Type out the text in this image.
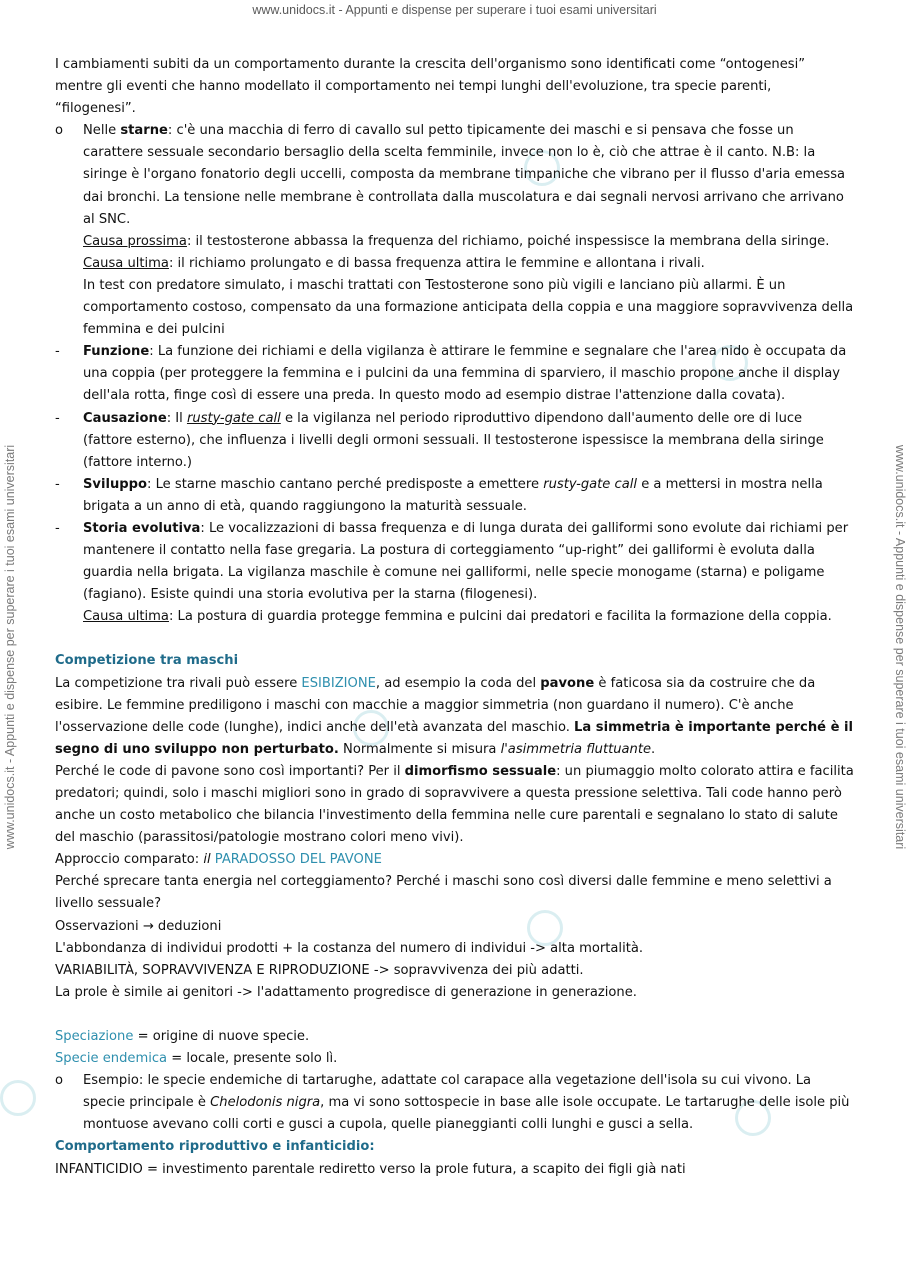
www.unidocs.it - Appunti e dispense per superare i tuoi esami universitari
www.unidocs.it - Appunti e dispense per superare i tuoi esami universitari	www.unidocs.it - Appunti e dispense per superare i tuoi esami universitari

I cambiamenti subiti da un comportamento durante la crescita dell'organismo sono identificati come “ontogenesi” mentre gli eventi che hanno modellato il comportamento nei tempi lunghi dell'evoluzione, tra specie parenti, “filogenesi”.

o Nelle starne: c'è una macchia di ferro di cavallo sul petto tipicamente dei maschi e si pensava che fosse un carattere sessuale secondario bersaglio della scelta femminile, invece non lo è, ciò che attrae è il canto. N.B: la siringe è l'organo fonatorio degli uccelli, composta da membrane timpaniche che vibrano per il flusso d'aria emessa dai bronchi. La tensione nelle membrane è controllata dalla muscolatura e dai segnali nervosi arrivano che arrivano al SNC.

Causa prossima: il testosterone abbassa la frequenza del richiamo, poiché inspessisce la membrana della siringe.

Causa ultima: il richiamo prolungato e di bassa frequenza attira le femmine e allontana i rivali.

In test con predatore simulato, i maschi trattati con Testosterone sono più vigili e lanciano più allarmi. È un comportamento costoso, compensato da una formazione anticipata della coppia e una maggiore sopravvivenza della femmina e dei pulcini

- Funzione: La funzione dei richiami e della vigilanza è attirare le femmine e segnalare che l'area nido è occupata da una coppia (per proteggere la femmina e i pulcini da una femmina di sparviero, il maschio propone anche il display dell'ala rotta, finge così di essere una preda. In questo modo ad esempio distrae l'attenzione dalla covata).

- Causazione: Il rusty-gate call e la vigilanza nel periodo riproduttivo dipendono dall'aumento delle ore di luce (fattore esterno), che influenza i livelli degli ormoni sessuali. Il testosterone ispessisce la membrana della siringe (fattore interno.)

- Sviluppo: Le starne maschio cantano perché predisposte a emettere rusty-gate call e a mettersi in mostra nella brigata a un anno di età, quando raggiungono la maturità sessuale.

- Storia evolutiva: Le vocalizzazioni di bassa frequenza e di lunga durata dei galliformi sono evolute dai richiami per mantenere il contatto nella fase gregaria. La postura di corteggiamento “up-right” dei galliformi è evoluta dalla guardia nella brigata. La vigilanza maschile è comune nei galliformi, nelle specie monogame (starna) e poligame (fagiano). Esiste quindi una storia evolutiva per la starna (filogenesi).

Causa ultima: La postura di guardia protegge femmina e pulcini dai predatori e facilita la formazione della coppia.

Competizione tra maschi

La competizione tra rivali può essere ESIBIZIONE, ad esempio la coda del pavone è faticosa sia da costruire che da esibire. Le femmine prediligono i maschi con macchie a maggior simmetria (non guardano il numero). C'è anche l'osservazione delle code (lunghe), indici anche dell'età avanzata del maschio. La simmetria è importante perché è il segno di uno sviluppo non perturbato. Normalmente si misura l'asimmetria fluttuante.

Perché le code di pavone sono così importanti? Per il dimorfismo sessuale: un piumaggio molto colorato attira e facilita predatori; quindi, solo i maschi migliori sono in grado di sopravvivere a questa pressione selettiva. Tali code hanno però anche un costo metabolico che bilancia l'investimento della femmina nelle cure parentali e segnalano lo stato di salute del maschio (parassitosi/patologie mostrano colori meno vivi).

Approccio comparato: il PARADOSSO DEL PAVONE

Perché sprecare tanta energia nel corteggiamento? Perché i maschi sono così diversi dalle femmine e meno selettivi a livello sessuale?

Osservazioni → deduzioni

L'abbondanza di individui prodotti + la costanza del numero di individui -> alta mortalità.

VARIABILITÀ, SOPRAVVIVENZA E RIPRODUZIONE -> sopravvivenza dei più adatti.

La prole è simile ai genitori -> l'adattamento progredisce di generazione in generazione.

Speciazione = origine di nuove specie.

Specie endemica = locale, presente solo lì.

o Esempio: le specie endemiche di tartarughe, adattate col carapace alla vegetazione dell'isola su cui vivono. La specie principale è Chelodonis nigra, ma vi sono sottospecie in base alle isole occupate. Le tartarughe delle isole più montuose avevano colli corti e gusci a cupola, quelle pianeggianti colli lunghi e gusci a sella.

Comportamento riproduttivo e infanticidio:

INFANTICIDIO = investimento parentale rediretto verso la prole futura, a scapito dei figli già nati
